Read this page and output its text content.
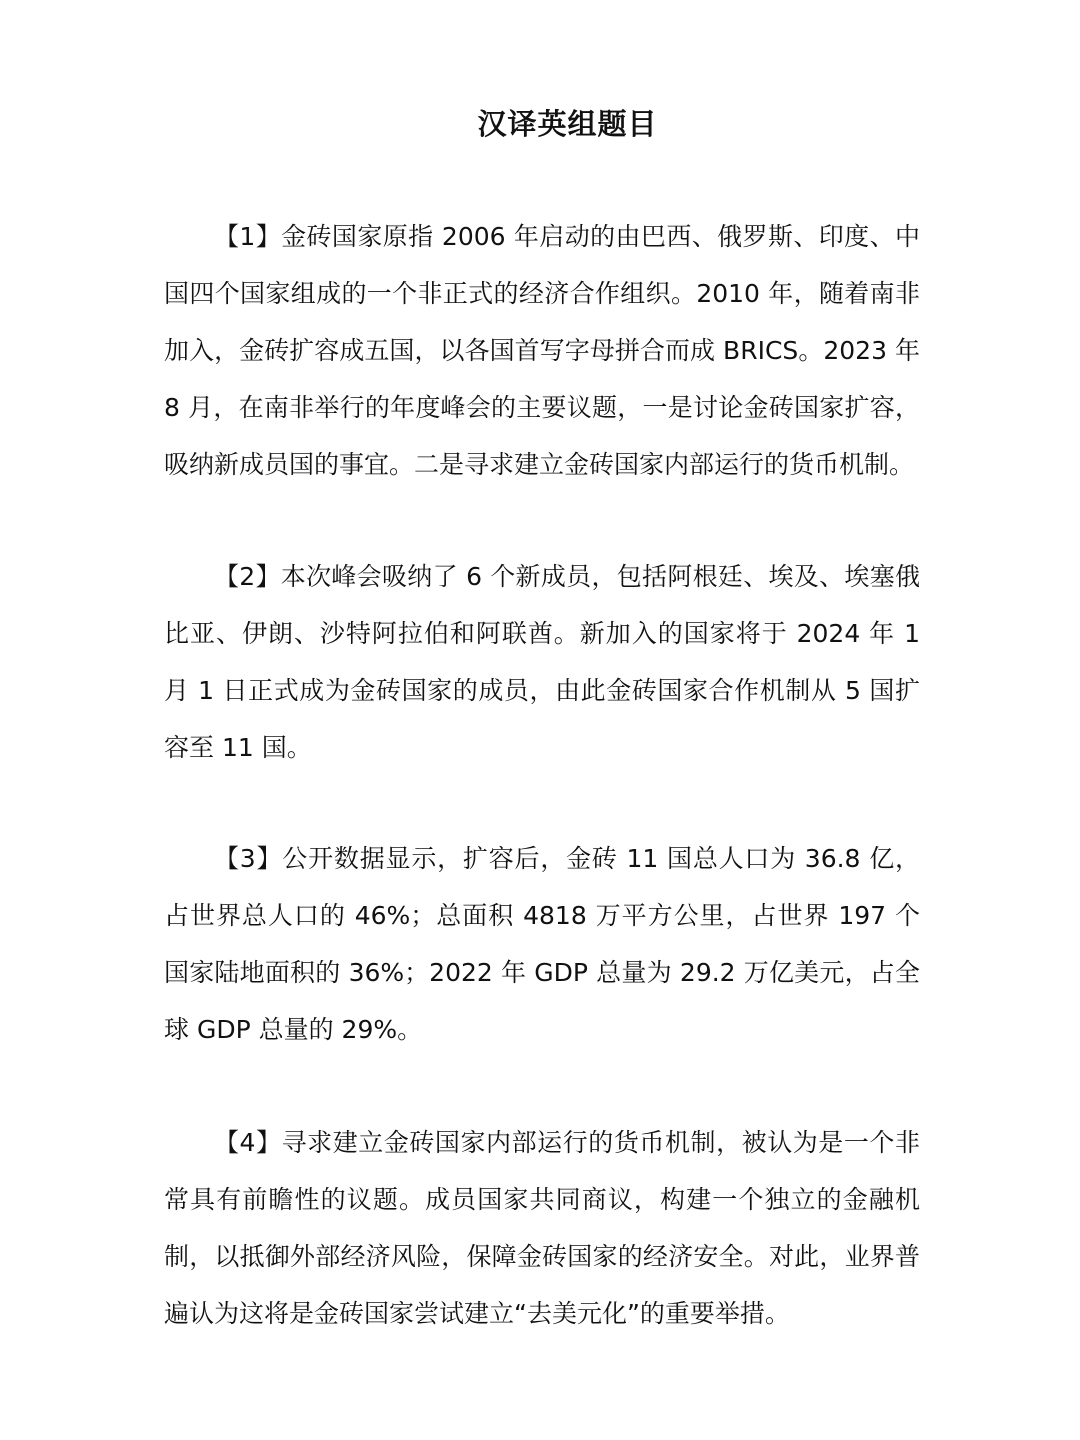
汉译英组题目

【1】金砖国家原指 2006 年启动的由巴西、俄罗斯、印度、中国四个国家组成的一个非正式的经济合作组织。2010 年，随着南非加入，金砖扩容成五国，以各国首写字母拼合而成 BRICS。2023 年 8 月，在南非举行的年度峰会的主要议题，一是讨论金砖国家扩容，吸纳新成员国的事宜。二是寻求建立金砖国家内部运行的货币机制。

【2】本次峰会吸纳了 6 个新成员，包括阿根廷、埃及、埃塞俄比亚、伊朗、沙特阿拉伯和阿联酋。新加入的国家将于 2024 年 1 月 1 日正式成为金砖国家的成员，由此金砖国家合作机制从 5 国扩容至 11 国。

【3】公开数据显示，扩容后，金砖 11 国总人口为 36.8 亿，占世界总人口的 46%；总面积 4818 万平方公里，占世界 197 个国家陆地面积的 36%；2022 年 GDP 总量为 29.2 万亿美元，占全球 GDP 总量的 29%。

【4】寻求建立金砖国家内部运行的货币机制，被认为是一个非常具有前瞻性的议题。成员国家共同商议，构建一个独立的金融机制，以抵御外部经济风险，保障金砖国家的经济安全。对此，业界普遍认为这将是金砖国家尝试建立“去美元化”的重要举措。
